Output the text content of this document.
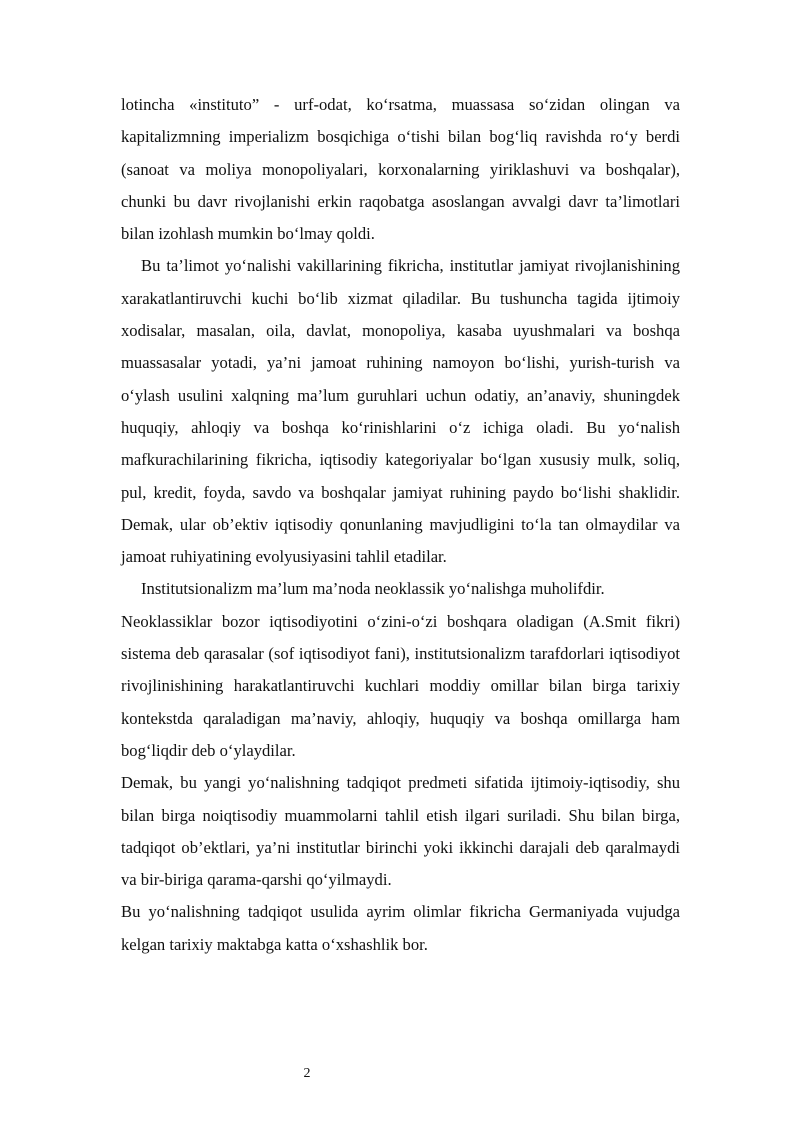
lotincha «instituto” - urf-odat, ko‘rsatma, muassasa so‘zidan olingan va kapitalizmning imperializm bosqichiga o‘tishi bilan bog‘liq ravishda ro‘y berdi (sanoat va moliya monopoliyalari, korxonalarning yiriklashuvi va boshqalar), chunki bu davr rivojlanishi erkin raqobatga asoslangan avvalgi davr ta’limotlari bilan izohlash mumkin bo‘lmay qoldi.

Bu ta’limot yo‘nalishi vakillarining fikricha, institutlar jamiyat rivojlanishining xarakatlantiruvchi kuchi bo‘lib xizmat qiladilar. Bu tushuncha tagida ijtimoiy xodisalar, masalan, oila, davlat, monopoliya, kasaba uyushmalari va boshqa muassasalar yotadi, ya’ni jamoat ruhining namoyon bo‘lishi, yurish-turish va o‘ylash usulini xalqning ma’lum guruhlari uchun odatiy, an’anaviy, shuningdek huquqiy, ahloqiy va boshqa ko‘rinishlarini o‘z ichiga oladi. Bu yo‘nalish mafkurachilarining fikricha, iqtisodiy kategoriyalar bo‘lgan xususiy mulk, soliq, pul, kredit, foyda, savdo va boshqalar jamiyat ruhining paydo bo‘lishi shaklidir. Demak, ular ob’ektiv iqtisodiy qonunlaning mavjudligini to‘la tan olmaydilar va jamoat ruhiyatining evolyusiyasini tahlil etadilar.

Institutsionalizm ma’lum ma’noda neoklassik yo‘nalishga muholifdir.

Neoklassiklar bozor iqtisodiyotini o‘zini-o‘zi boshqara oladigan (A.Smit fikri) sistema deb qarasalar (sof iqtisodiyot fani), institutsionalizm tarafdorlari iqtisodiyot rivojlinishining harakatlantiruvchi kuchlari moddiy omillar bilan birga tarixiy kontekstda qaraladigan ma’naviy, ahloqiy, huquqiy va boshqa omillarga ham bog‘liqdir deb o‘ylaydilar.

Demak, bu yangi yo‘nalishning tadqiqot predmeti sifatida ijtimoiy-iqtisodiy, shu bilan birga noiqtisodiy muammolarni tahlil etish ilgari suriladi. Shu bilan birga, tadqiqot ob’ektlari, ya’ni institutlar birinchi yoki ikkinchi darajali deb qaralmaydi va bir-biriga qarama-qarshi qo‘yilmaydi.

Bu yo‘nalishning tadqiqot usulida ayrim olimlar fikricha Germaniyada vujudga kelgan tarixiy maktabga katta o‘xshashlik bor.

2
